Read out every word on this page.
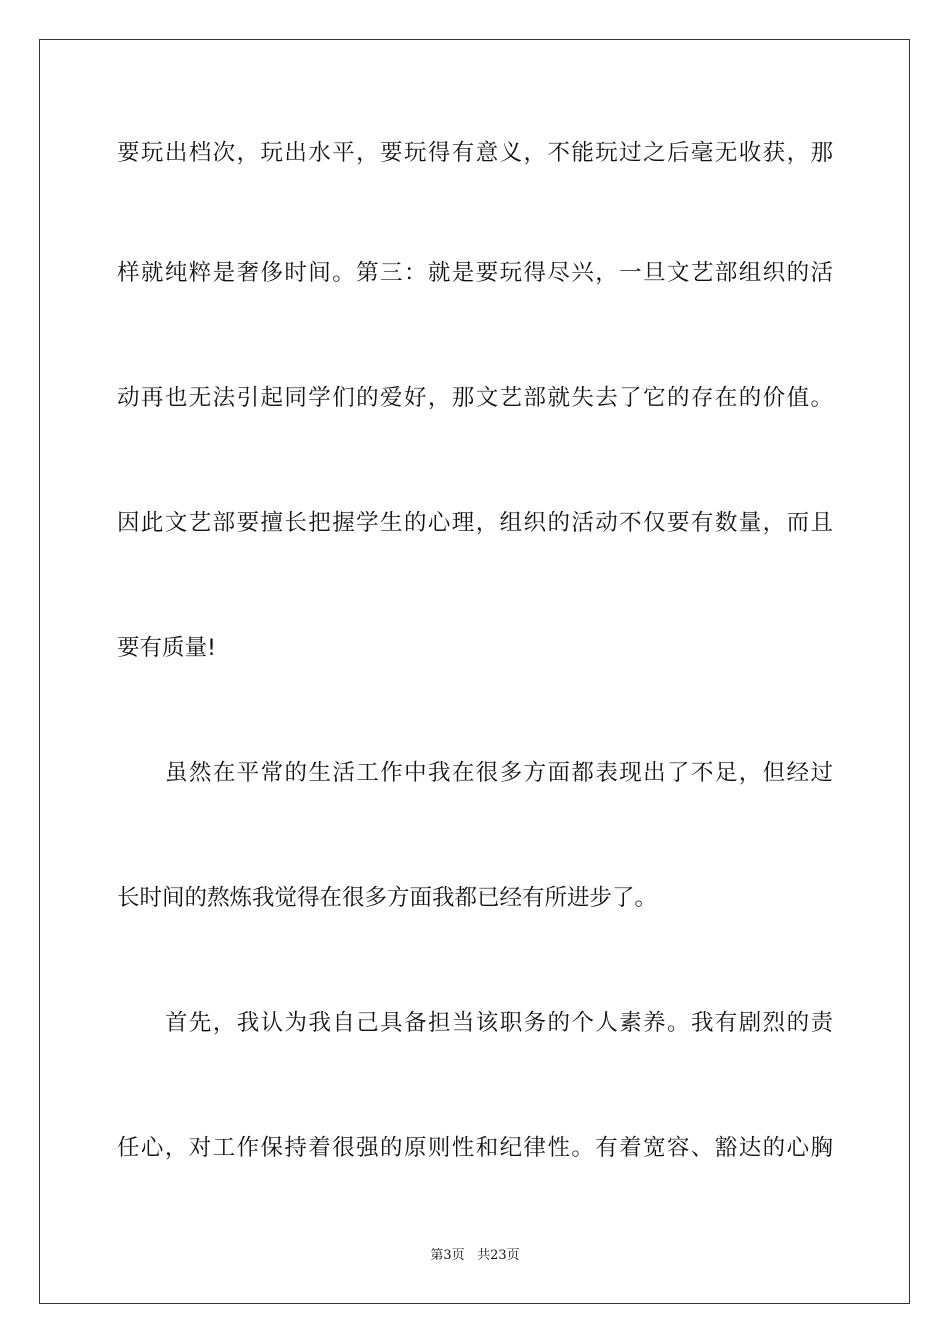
要玩出档次，玩出水平，要玩得有意义，不能玩过之后毫无收获，那
样就纯粹是奢侈时间。第三：就是要玩得尽兴，一旦文艺部组织的活
动再也无法引起同学们的爱好，那文艺部就失去了它的存在的价值。
因此文艺部要擅长把握学生的心理，组织的活动不仅要有数量，而且
要有质量!
虽然在平常的生活工作中我在很多方面都表现出了不足，但经过
长时间的熬炼我觉得在很多方面我都已经有所进步了。
首先，我认为我自己具备担当该职务的个人素养。我有剧烈的责
任心，对工作保持着很强的原则性和纪律性。有着宽容、豁达的心胸
第3页 共23页
